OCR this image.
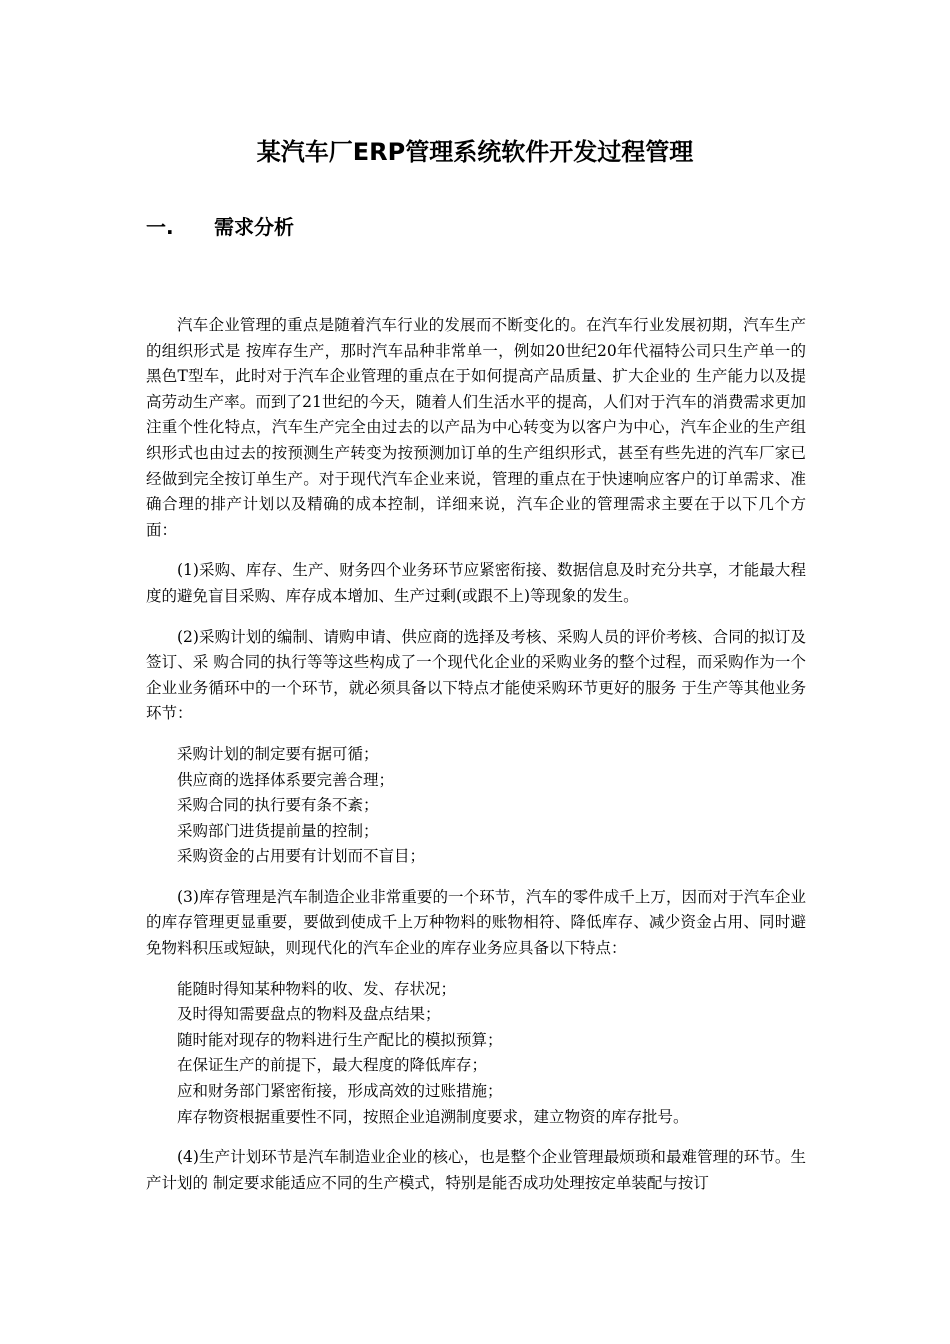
某汽车厂ERP管理系统软件开发过程管理
一. 需求分析

汽车企业管理的重点是随着汽车行业的发展而不断变化的。在汽车行业发展初期，汽车生产的组织形式是 按库存生产，那时汽车品种非常单一，例如20世纪20年代福特公司只生产单一的黑色T型车，此时对于汽车企业管理的重点在于如何提高产品质量、扩大企业的 生产能力以及提高劳动生产率。而到了21世纪的今天，随着人们生活水平的提高，人们对于汽车的消费需求更加注重个性化特点，汽车生产完全由过去的以产品为中心转变为以客户为中心，汽车企业的生产组织形式也由过去的按预测生产转变为按预测加订单的生产组织形式，甚至有些先进的汽车厂家已经做到完全按订单生产。对于现代汽车企业来说，管理的重点在于快速响应客户的订单需求、准确合理的排产计划以及精确的成本控制，详细来说，汽车企业的管理需求主要在于以下几个方面：

(1)采购、库存、生产、财务四个业务环节应紧密衔接、数据信息及时充分共享，才能最大程度的避免盲目采购、库存成本增加、生产过剩(或跟不上)等现象的发生。

(2)采购计划的编制、请购申请、供应商的选择及考核、采购人员的评价考核、合同的拟订及签订、采 购合同的执行等等这些构成了一个现代化企业的采购业务的整个过程，而采购作为一个企业业务循环中的一个环节，就必须具备以下特点才能使采购环节更好的服务 于生产等其他业务环节：

采购计划的制定要有据可循；
供应商的选择体系要完善合理；
采购合同的执行要有条不紊；
采购部门进货提前量的控制；
采购资金的占用要有计划而不盲目；

(3)库存管理是汽车制造企业非常重要的一个环节，汽车的零件成千上万，因而对于汽车企业的库存管理更显重要，要做到使成千上万种物料的账物相符、降低库存、减少资金占用、同时避免物料积压或短缺，则现代化的汽车企业的库存业务应具备以下特点：

能随时得知某种物料的收、发、存状况；
及时得知需要盘点的物料及盘点结果；
随时能对现存的物料进行生产配比的模拟预算；
在保证生产的前提下，最大程度的降低库存；
应和财务部门紧密衔接，形成高效的过账措施；
库存物资根据重要性不同，按照企业追溯制度要求，建立物资的库存批号。

(4)生产计划环节是汽车制造业企业的核心，也是整个企业管理最烦琐和最难管理的环节。生产计划的 制定要求能适应不同的生产模式，特别是能否成功处理按定单装配与按订
